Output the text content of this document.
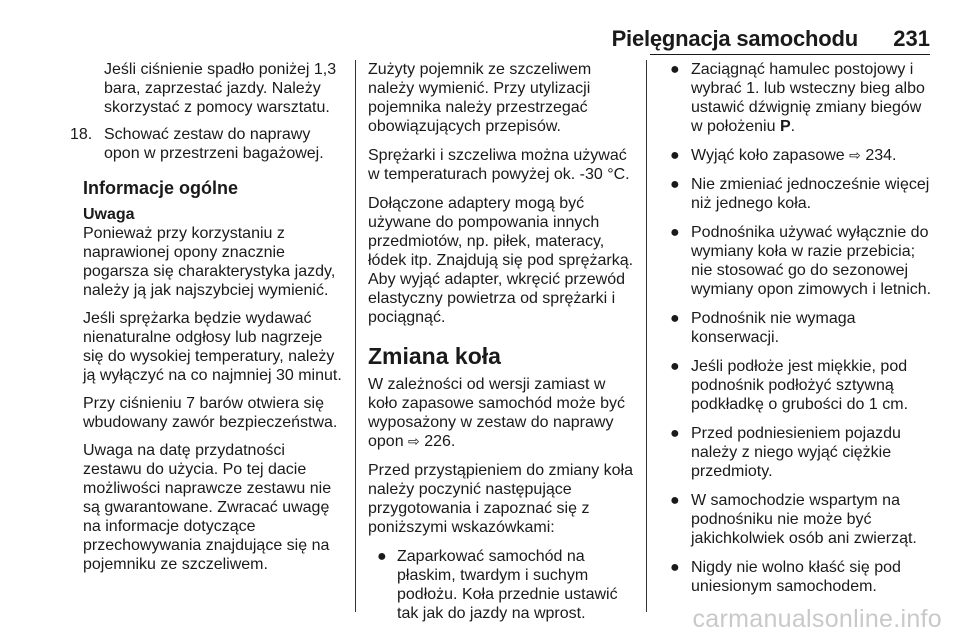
Pielęgnacja samochodu 231

Jeśli ciśnienie spadło poniżej 1,3 bara, zaprzestać jazdy. Należy skorzystać z pomocy warsztatu.

18. Schować zestaw do naprawy opon w przestrzeni bagażowej.

Informacje ogólne

Uwaga

Ponieważ przy korzystaniu z naprawionej opony znacznie pogarsza się charakterystyka jazdy, należy ją jak najszybciej wymienić.

Jeśli sprężarka będzie wydawać nienaturalne odgłosy lub nagrzeje się do wysokiej temperatury, należy ją wyłączyć na co najmniej 30 minut.

Przy ciśnieniu 7 barów otwiera się wbudowany zawór bezpieczeństwa.

Uwaga na datę przydatności zestawu do użycia. Po tej dacie możliwości naprawcze zestawu nie są gwarantowane. Zwracać uwagę na informacje dotyczące przechowywania znajdujące się na pojemniku ze szczeliwem.

Zużyty pojemnik ze szczeliwem należy wymienić. Przy utylizacji pojemnika należy przestrzegać obowiązujących przepisów.

Sprężarki i szczeliwa można używać w temperaturach powyżej ok. -30 °C.

Dołączone adaptery mogą być używane do pompowania innych przedmiotów, np. piłek, materacy, łódek itp. Znajdują się pod sprężarką. Aby wyjąć adapter, wkręcić przewód elastyczny powietrza od sprężarki i pociągnąć.

Zmiana koła

W zależności od wersji zamiast w koło zapasowe samochód może być wyposażony w zestaw do naprawy opon ⇨ 226.

Przed przystąpieniem do zmiany koła należy poczynić następujące przygotowania i zapoznać się z poniższymi wskazówkami:

● Zaparkować samochód na płaskim, twardym i suchym podłożu. Koła przednie ustawić tak jak do jazdy na wprost.

● Zaciągnąć hamulec postojowy i wybrać 1. lub wsteczny bieg albo ustawić dźwignię zmiany biegów w położeniu P.

● Wyjąć koło zapasowe ⇨ 234.

● Nie zmieniać jednocześnie więcej niż jednego koła.

● Podnośnika używać wyłącznie do wymiany koła w razie przebicia; nie stosować go do sezonowej wymiany opon zimowych i letnich.

● Podnośnik nie wymaga konserwacji.

● Jeśli podłoże jest miękkie, pod podnośnik podłożyć sztywną podkładkę o grubości do 1 cm.

● Przed podniesieniem pojazdu należy z niego wyjąć ciężkie przedmioty.

● W samochodzie wspartym na podnośniku nie może być jakichkolwiek osób ani zwierząt.

● Nigdy nie wolno kłaść się pod uniesionym samochodem.

carmanualsonline.info
